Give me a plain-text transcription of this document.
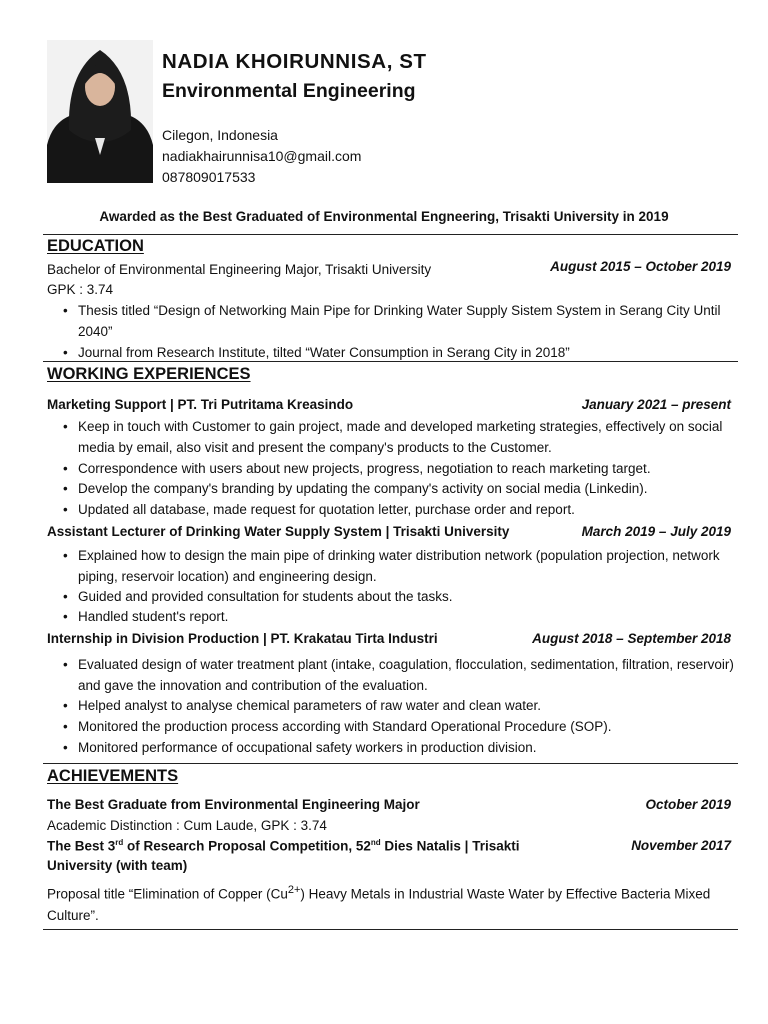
NADIA KHOIRUNNISA, ST
Environmental Engineering
Cilegon, Indonesia
nadiakhairunnisa10@gmail.com
087809017533
Awarded as the Best Graduated of Environmental Engneering, Trisakti University in 2019
EDUCATION
Bachelor of Environmental Engineering Major, Trisakti University	August 2015 – October 2019
GPK : 3.74
• Thesis titled “Design of Networking Main Pipe for Drinking Water Supply Sistem System in Serang City Until 2040”
• Journal from Research Institute, tilted “Water Consumption in Serang City in 2018”
WORKING EXPERIENCES
Marketing Support | PT. Tri Putritama Kreasindo	January 2021 – present
• Keep in touch with Customer to gain project, made and developed marketing strategies, effectively on social media by email, also visit and present the company's products to the Customer.
• Correspondence with users about new projects, progress, negotiation to reach marketing target.
• Develop the company's branding by updating the company's activity on social media (Linkedin).
• Updated all database, made request for quotation letter, purchase order and report.
Assistant Lecturer of Drinking Water Supply System | Trisakti University	March 2019 – July 2019
• Explained how to design the main pipe of drinking water distribution network (population projection, network piping, reservoir location) and engineering design.
• Guided and provided consultation for students about the tasks.
• Handled student's report.
Internship in Division Production | PT. Krakatau Tirta Industri	August 2018 – September 2018
• Evaluated design of water treatment plant (intake, coagulation, flocculation, sedimentation, filtration, reservoir) and gave the innovation and contribution of the evaluation.
• Helped analyst to analyse chemical parameters of raw water and clean water.
• Monitored the production process according with Standard Operational Procedure (SOP).
• Monitored performance of occupational safety workers in production division.
ACHIEVEMENTS
The Best Graduate from Environmental Engineering Major	October 2019
Academic Distinction : Cum Laude, GPK : 3.74
The Best 3rd of Research Proposal Competition, 52nd Dies Natalis | Trisakti
University (with team)
November 2017
Proposal title “Elimination of Copper $(Cu^{2+})$ Heavy Metals in Industrial Waste Water by Effective Bacteria Mixed Culture”.
